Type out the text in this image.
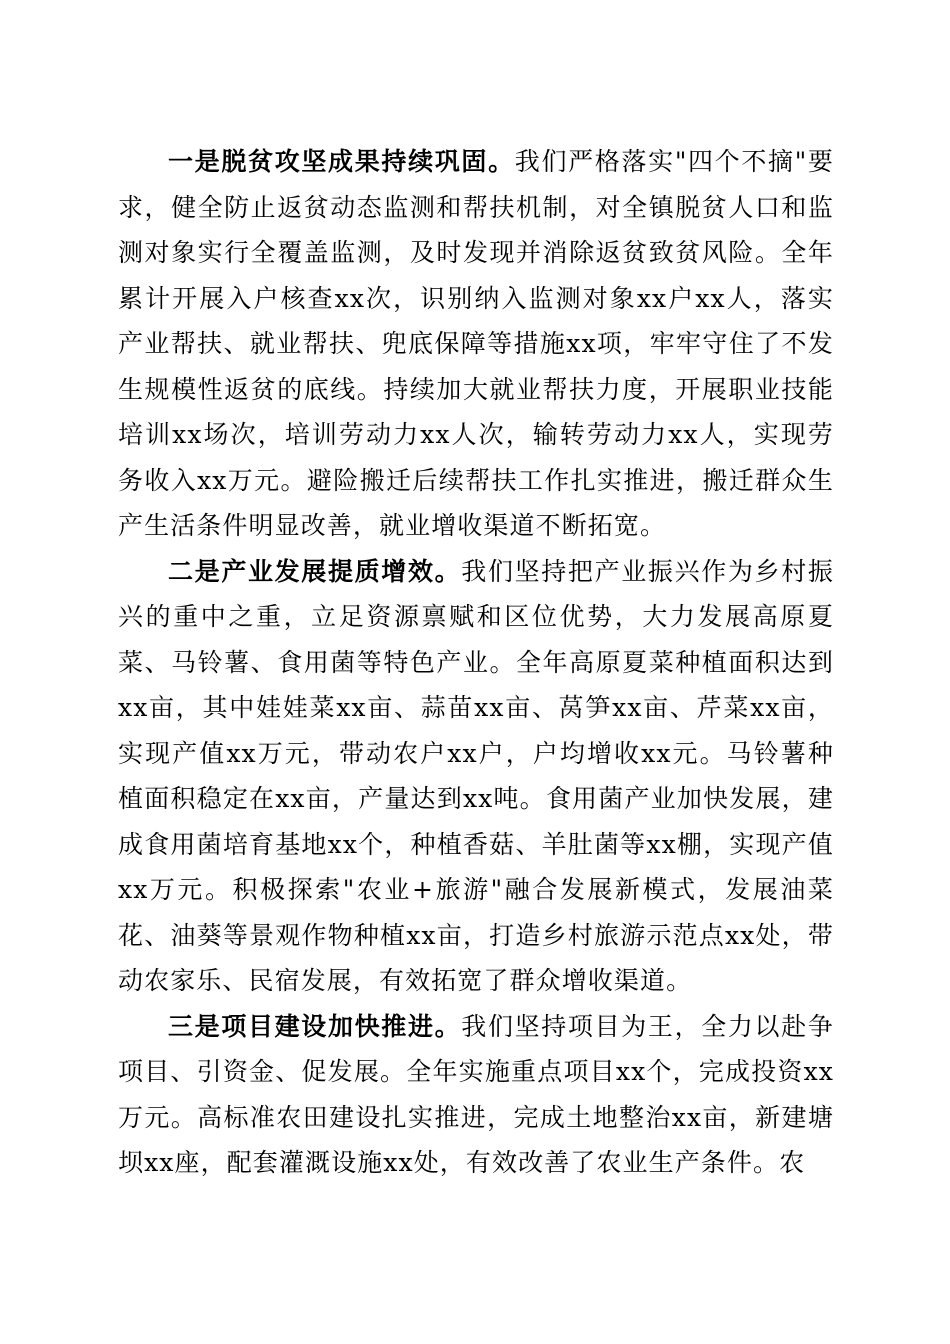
一是脱贫攻坚成果持续巩固。我们严格落实"四个不摘"要求，健全防止返贫动态监测和帮扶机制，对全镇脱贫人口和监测对象实行全覆盖监测，及时发现并消除返贫致贫风险。全年累计开展入户核查xx次，识别纳入监测对象xx户xx人，落实产业帮扶、就业帮扶、兜底保障等措施xx项，牢牢守住了不发生规模性返贫的底线。持续加大就业帮扶力度，开展职业技能培训xx场次，培训劳动力xx人次，输转劳动力xx人，实现劳务收入xx万元。避险搬迁后续帮扶工作扎实推进，搬迁群众生产生活条件明显改善，就业增收渠道不断拓宽。

二是产业发展提质增效。我们坚持把产业振兴作为乡村振兴的重中之重，立足资源禀赋和区位优势，大力发展高原夏菜、马铃薯、食用菌等特色产业。全年高原夏菜种植面积达到xx亩，其中娃娃菜xx亩、蒜苗xx亩、莴笋xx亩、芹菜xx亩，实现产值xx万元，带动农户xx户，户均增收xx元。马铃薯种植面积稳定在xx亩，产量达到xx吨。食用菌产业加快发展，建成食用菌培育基地xx个，种植香菇、羊肚菌等xx棚，实现产值xx万元。积极探索"农业+旅游"融合发展新模式，发展油菜花、油葵等景观作物种植xx亩，打造乡村旅游示范点xx处，带动农家乐、民宿发展，有效拓宽了群众增收渠道。

三是项目建设加快推进。我们坚持项目为王，全力以赴争项目、引资金、促发展。全年实施重点项目xx个，完成投资xx万元。高标准农田建设扎实推进，完成土地整治xx亩，新建塘坝xx座，配套灌溉设施xx处，有效改善了农业生产条件。农
